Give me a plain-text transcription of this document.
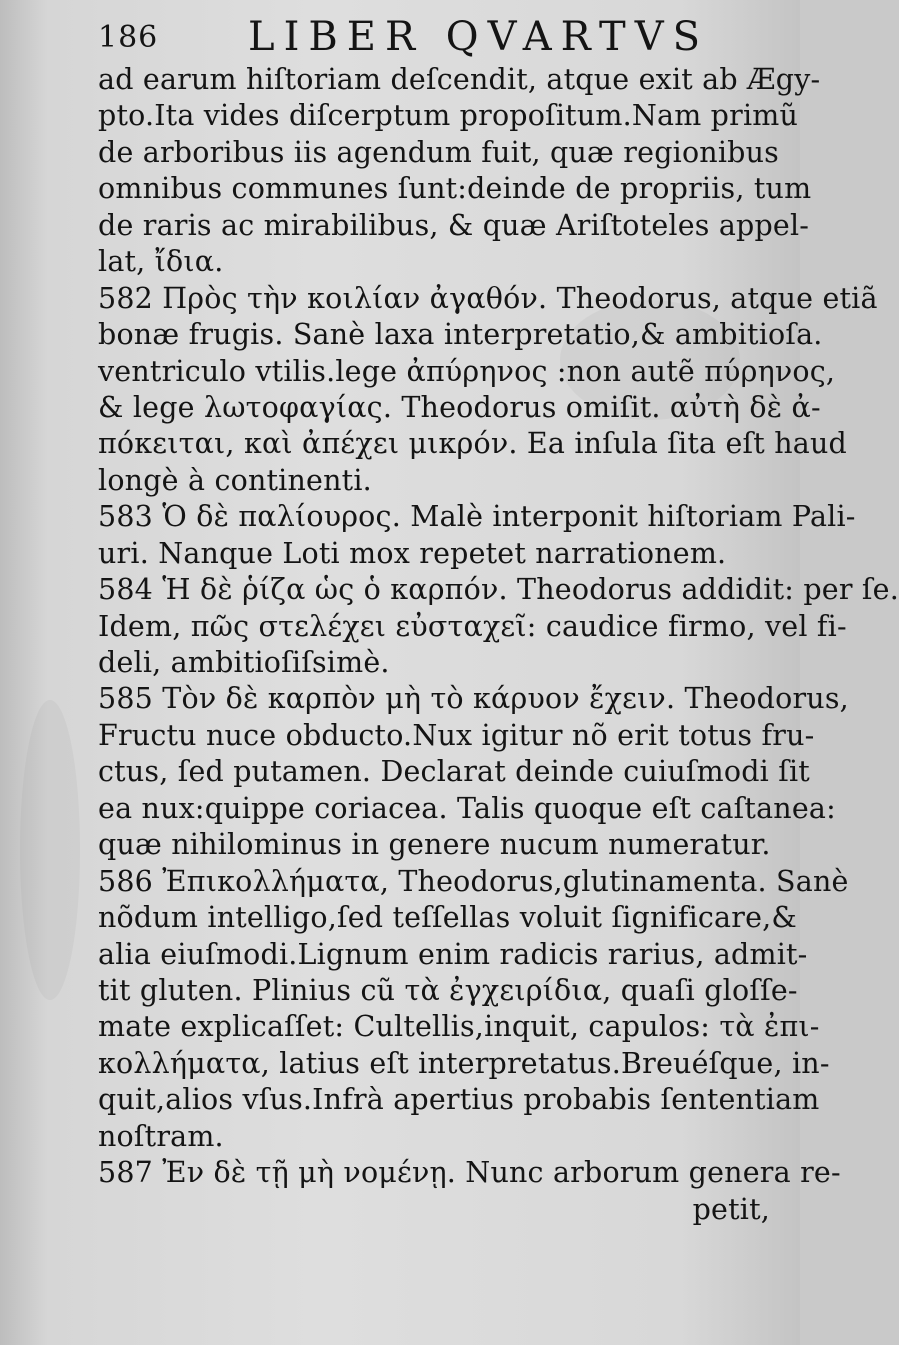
186 LIBER QVARTVS
ad earum hiſtoriam deſcendit, atque exit ab Ægy-
pto.Ita vides diſcerptum propoſitum.Nam primũ
de arboribus iis agendum fuit, quæ regionibus
omnibus communes ſunt:deinde de propriis, tum
de raris ac mirabilibus, & quæ Ariſtoteles appel-
lat, ἴδια.
582 Πρὸς τὴν κοιλίαν ἀγαθόν. Theodorus, atque etiã
bonæ frugis. Sanè laxa interpretatio,& ambitioſa.
ventriculo vtilis.lege ἀπύρηνος :non autẽ πύρηνος,
& lege λωτοφαγίας. Theodorus omiſit. αὐτὴ δὲ ἀ-
πόκειται, καὶ ἀπέχει μικρόν. Ea inſula ſita eſt haud
longè à continenti.
583 Ὁ δὲ παλίουρος. Malè interponit hiſtoriam Pali-
uri. Nanque Loti mox repetet narrationem.
584 Ἡ δὲ ῥίζα ὡς ὁ καρπόν. Theodorus addidit: per ſe.
Idem, πῶς στελέχει εὐσταχεῖ: caudice firmo, vel fi-
deli, ambitioſiſsimè.
585 Τὸν δὲ καρπὸν μὴ τὸ κάρυον ἔχειν. Theodorus,
Fructu nuce obducto.Nux igitur nõ erit totus fru-
ctus, ſed putamen. Declarat deinde cuiuſmodi ſit
ea nux:quippe coriacea. Talis quoque eſt caſtanea:
quæ nihilominus in genere nucum numeratur.
586 Ἐπικολλήματα, Theodorus,glutinamenta. Sanè
nõdum intelligo,ſed teſſellas voluit ſignificare,&
alia eiuſmodi.Lignum enim radicis rarius, admit-
tit gluten. Plinius cũ τὰ ἐγχειρίδια, quaſi gloſſe-
mate explicaſſet: Cultellis,inquit, capulos: τὰ ἐπι-
κολλήματα, latius eſt interpretatus.Breuéſque, in-
quit,alios vſus.Infrà apertius probabis ſententiam
noſtram.
587 Ἐν δὲ τῇ μὴ νομένῃ. Nunc arborum genera re-
petit,
